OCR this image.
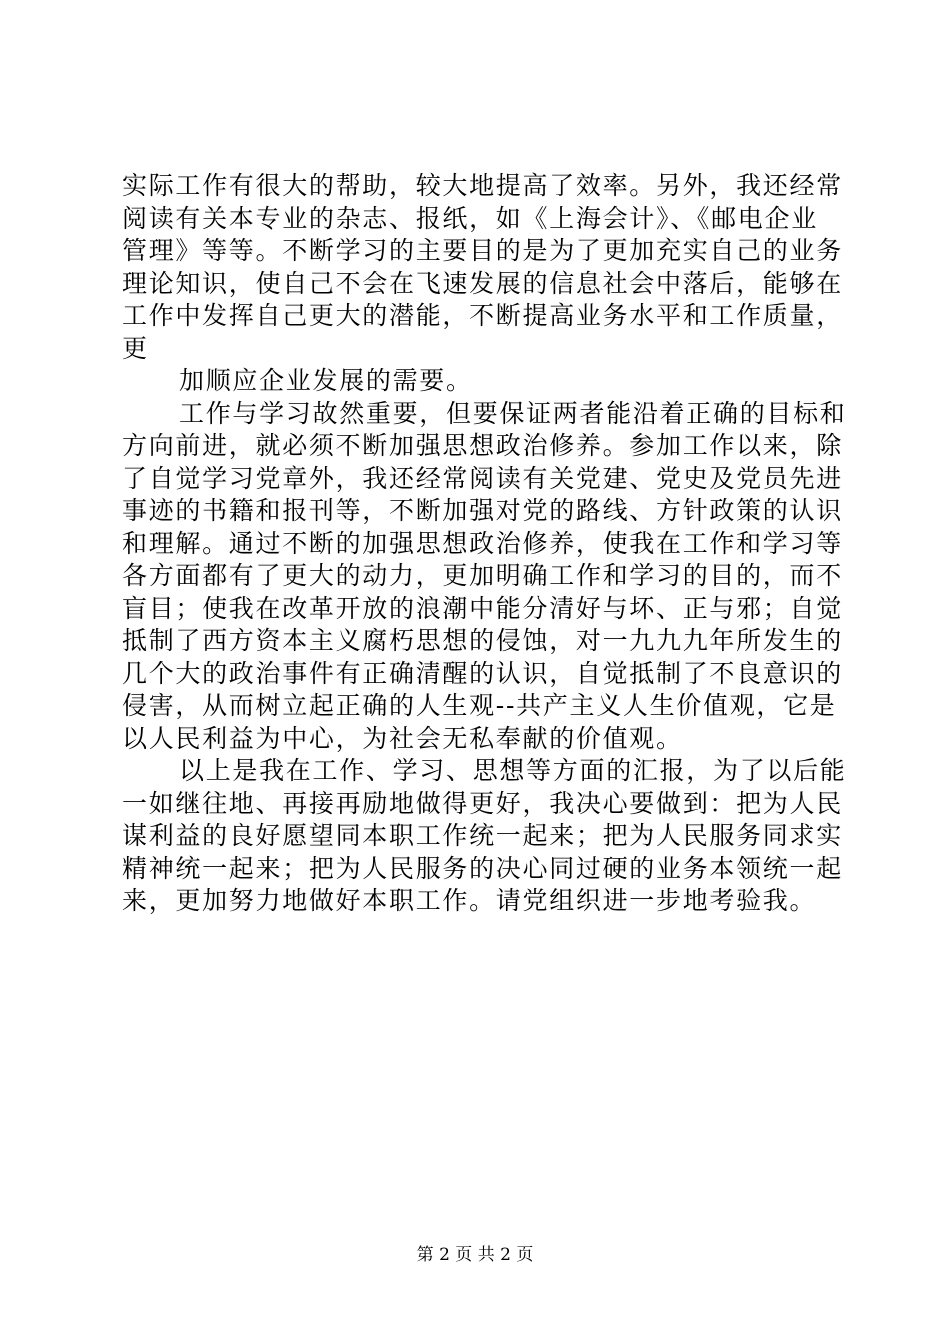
实际工作有很大的帮助，较大地提高了效率。另外，我还经常
阅读有关本专业的杂志、报纸，如《上海会计》、《邮电企业
管理》等等。不断学习的主要目的是为了更加充实自己的业务
理论知识，使自己不会在飞速发展的信息社会中落后，能够在
工作中发挥自己更大的潜能，不断提高业务水平和工作质量，
更
加顺应企业发展的需要。
工作与学习故然重要，但要保证两者能沿着正确的目标和
方向前进，就必须不断加强思想政治修养。参加工作以来，除
了自觉学习党章外，我还经常阅读有关党建、党史及党员先进
事迹的书籍和报刊等，不断加强对党的路线、方针政策的认识
和理解。通过不断的加强思想政治修养，使我在工作和学习等
各方面都有了更大的动力，更加明确工作和学习的目的，而不
盲目；使我在改革开放的浪潮中能分清好与坏、正与邪；自觉
抵制了西方资本主义腐朽思想的侵蚀，对一九九九年所发生的
几个大的政治事件有正确清醒的认识，自觉抵制了不良意识的
侵害，从而树立起正确的人生观--共产主义人生价值观，它是
以人民利益为中心，为社会无私奉献的价值观。
以上是我在工作、学习、思想等方面的汇报，为了以后能
一如继往地、再接再励地做得更好，我决心要做到：把为人民
谋利益的良好愿望同本职工作统一起来；把为人民服务同求实
精神统一起来；把为人民服务的决心同过硬的业务本领统一起
来，更加努力地做好本职工作。请党组织进一步地考验我。
第 2 页 共 2 页
